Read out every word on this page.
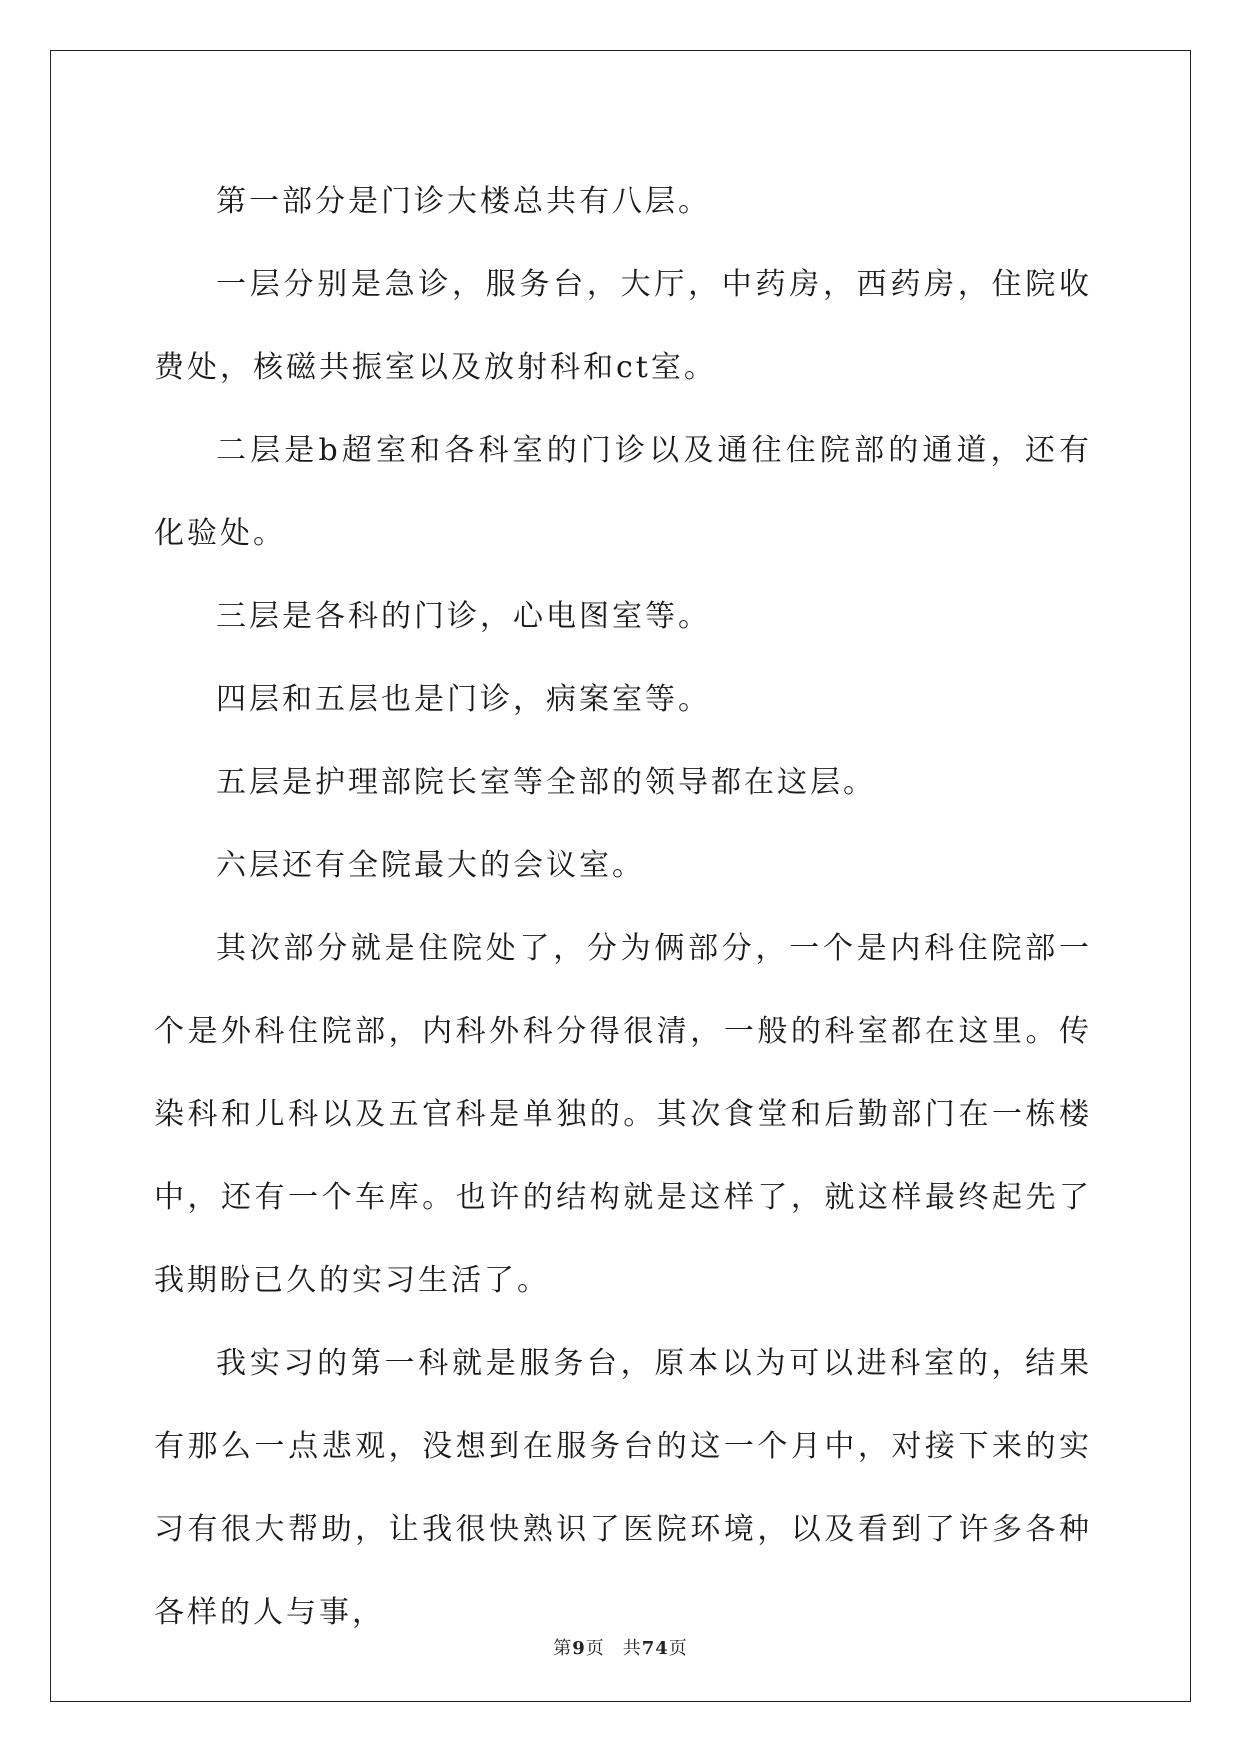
第一部分是门诊大楼总共有八层。

一层分别是急诊，服务台，大厅，中药房，西药房，住院收费处，核磁共振室以及放射科和ct室。

二层是b超室和各科室的门诊以及通往住院部的通道，还有化验处。

三层是各科的门诊，心电图室等。

四层和五层也是门诊，病案室等。

五层是护理部院长室等全部的领导都在这层。

六层还有全院最大的会议室。

其次部分就是住院处了，分为俩部分，一个是内科住院部一个是外科住院部，内科外科分得很清，一般的科室都在这里。传染科和儿科以及五官科是单独的。其次食堂和后勤部门在一栋楼中，还有一个车库。也许的结构就是这样了，就这样最终起先了我期盼已久的实习生活了。

我实习的第一科就是服务台，原本以为可以进科室的，结果有那么一点悲观，没想到在服务台的这一个月中，对接下来的实习有很大帮助，让我很快熟识了医院环境，以及看到了许多各种各样的人与事，

第9页 共74页
